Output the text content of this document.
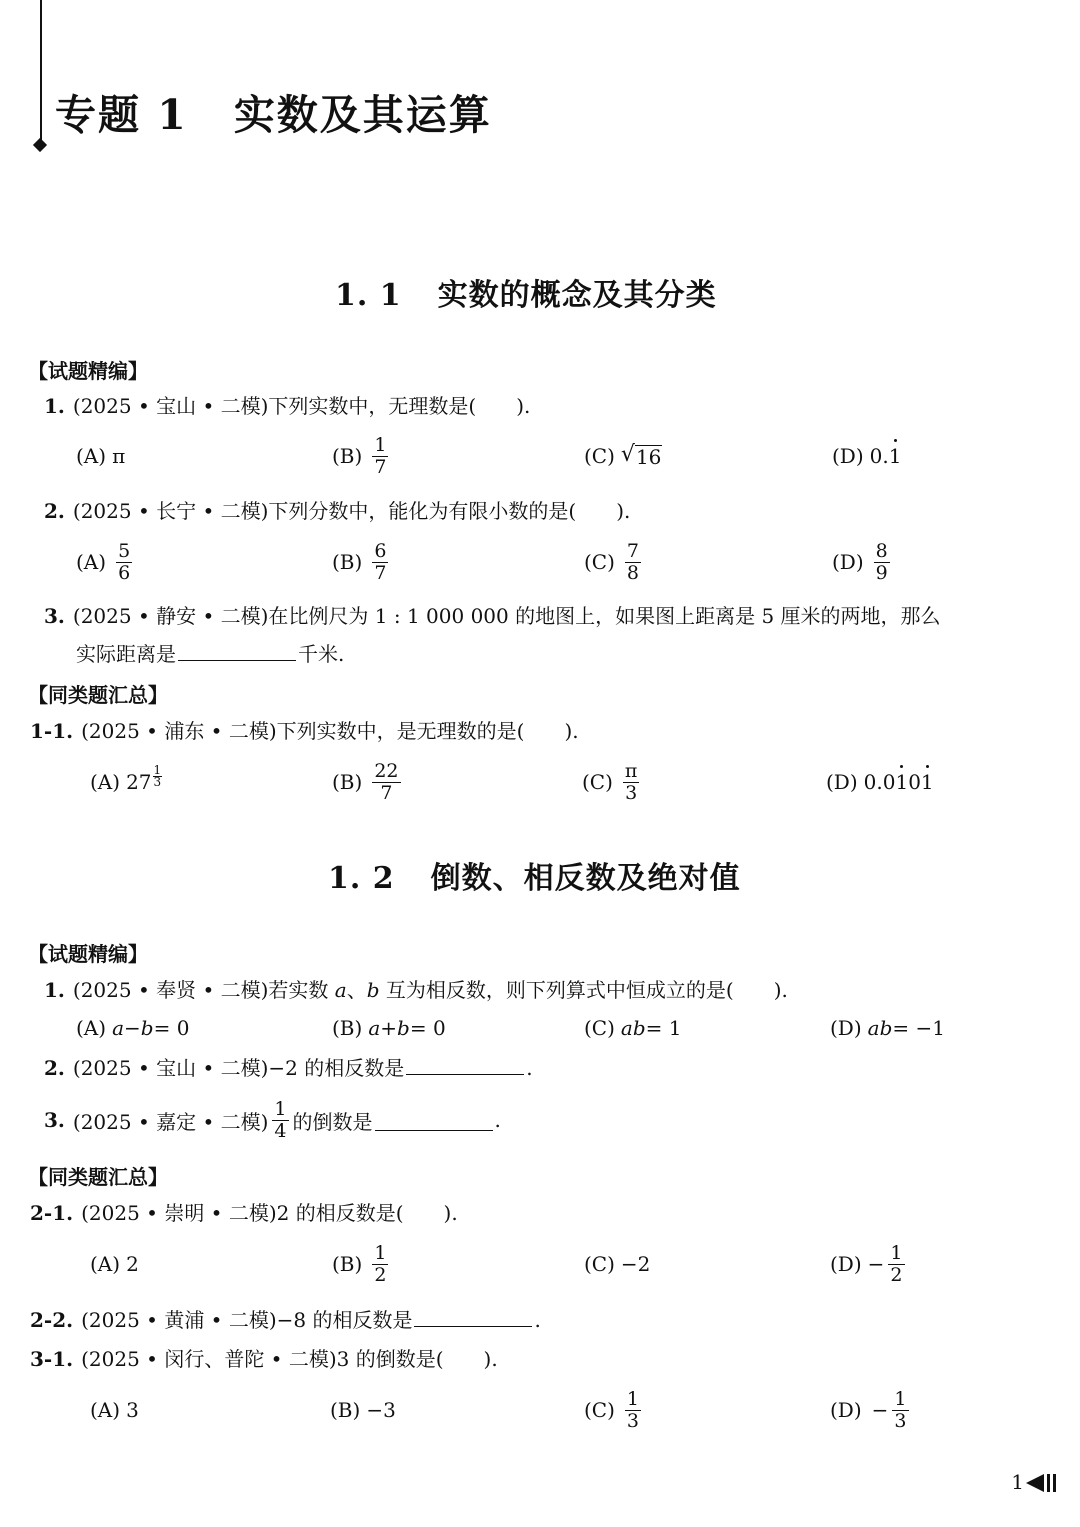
专题 1 实数及其运算
1. 1 实数的概念及其分类
【试题精编】
1. (2025 • 宝山 • 二模)下列实数中，无理数是(　　).
(A) π	$(B) \frac{1}{7}$	(C) √ 16	(D) 0. 1
2. (2025 • 长宁 • 二模)下列分数中，能化为有限小数的是(　　).
$(A) \frac{5}{6}$	$(B) \frac{6}{7}$	$(C) \frac{7}{8}$	$(D) \frac{8}{9}$
3. (2025 • 静安 • 二模)在比例尺为 1 : 1 000 000 的地图上，如果图上距离是 5 厘米的两地，那么
实际距离是	千米.
【同类题汇总】
1-1. (2025 • 浦东 • 二模)下列实数中，是无理数的是(　　).
(A) $27 \frac{1}{3}$	$(B) \frac{22}{7}$	$(C) \frac{\pi}{3}$	(D) 0.0 1 0 1
1. 2 倒数、相反数及绝对值
【试题精编】
1. (2025 • 奉贤 • 二模)若实数 a、b 互为相反数，则下列算式中恒成立的是(　　).
(A) a − b = 0	(B) a + b = 0	(C) ab = 1	(D) ab = −1
2. (2025 • 宝山 • 二模)−2 的相反数是	.
3. (2025 • 嘉定 • 二模) $\frac{1}{4}$ 的倒数是	.
【同类题汇总】
2-1. (2025 • 崇明 • 二模)2 的相反数是(　　).
(A) 2	$(B) \frac{1}{2}$	(C) −2	$(D) - \frac{1}{2}$
2-2. (2025 • 黄浦 • 二模)−8 的相反数是	.
3-1. (2025 • 闵行、普陀 • 二模)3 的倒数是(　　).
(A) 3	(B) −3	$(C) \frac{1}{3}$	$(D) - \frac{1}{3}$
1
